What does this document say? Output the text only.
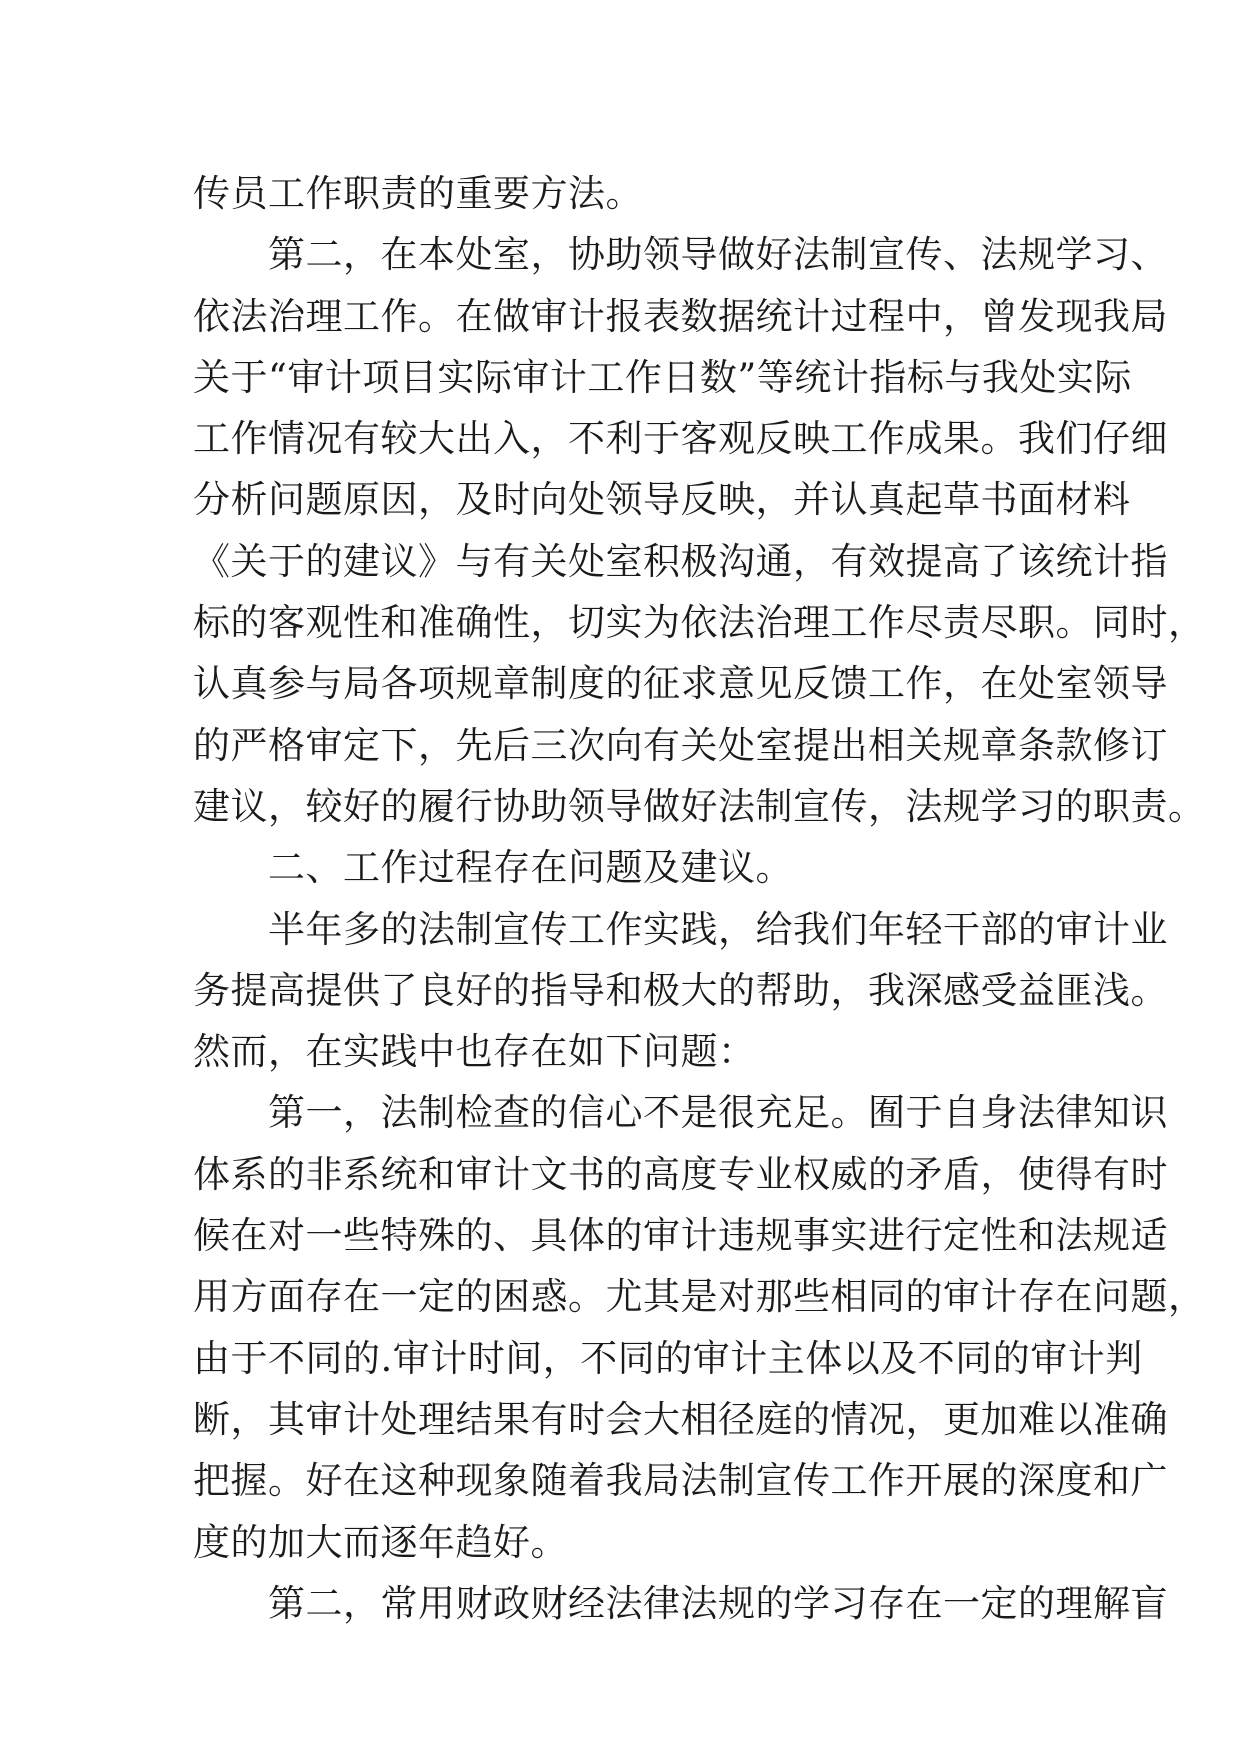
传员工作职责的重要方法。
　　第二，在本处室，协助领导做好法制宣传、法规学习、
依法治理工作。在做审计报表数据统计过程中，曾发现我局
关于“审计项目实际审计工作日数”等统计指标与我处实际
工作情况有较大出入，不利于客观反映工作成果。我们仔细
分析问题原因，及时向处领导反映，并认真起草书面材料
《关于的建议》与有关处室积极沟通，有效提高了该统计指
标的客观性和准确性，切实为依法治理工作尽责尽职。同时，
认真参与局各项规章制度的征求意见反馈工作，在处室领导
的严格审定下，先后三次向有关处室提出相关规章条款修订
建议，较好的履行协助领导做好法制宣传，法规学习的职责。
　　二、工作过程存在问题及建议。
　　半年多的法制宣传工作实践，给我们年轻干部的审计业
务提高提供了良好的指导和极大的帮助，我深感受益匪浅。
然而，在实践中也存在如下问题：
　　第一，法制检查的信心不是很充足。囿于自身法律知识
体系的非系统和审计文书的高度专业权威的矛盾，使得有时
候在对一些特殊的、具体的审计违规事实进行定性和法规适
用方面存在一定的困惑。尤其是对那些相同的审计存在问题，
由于不同的.审计时间，不同的审计主体以及不同的审计判
断，其审计处理结果有时会大相径庭的情况，更加难以准确
把握。好在这种现象随着我局法制宣传工作开展的深度和广
度的加大而逐年趋好。
　　第二，常用财政财经法律法规的学习存在一定的理解盲
